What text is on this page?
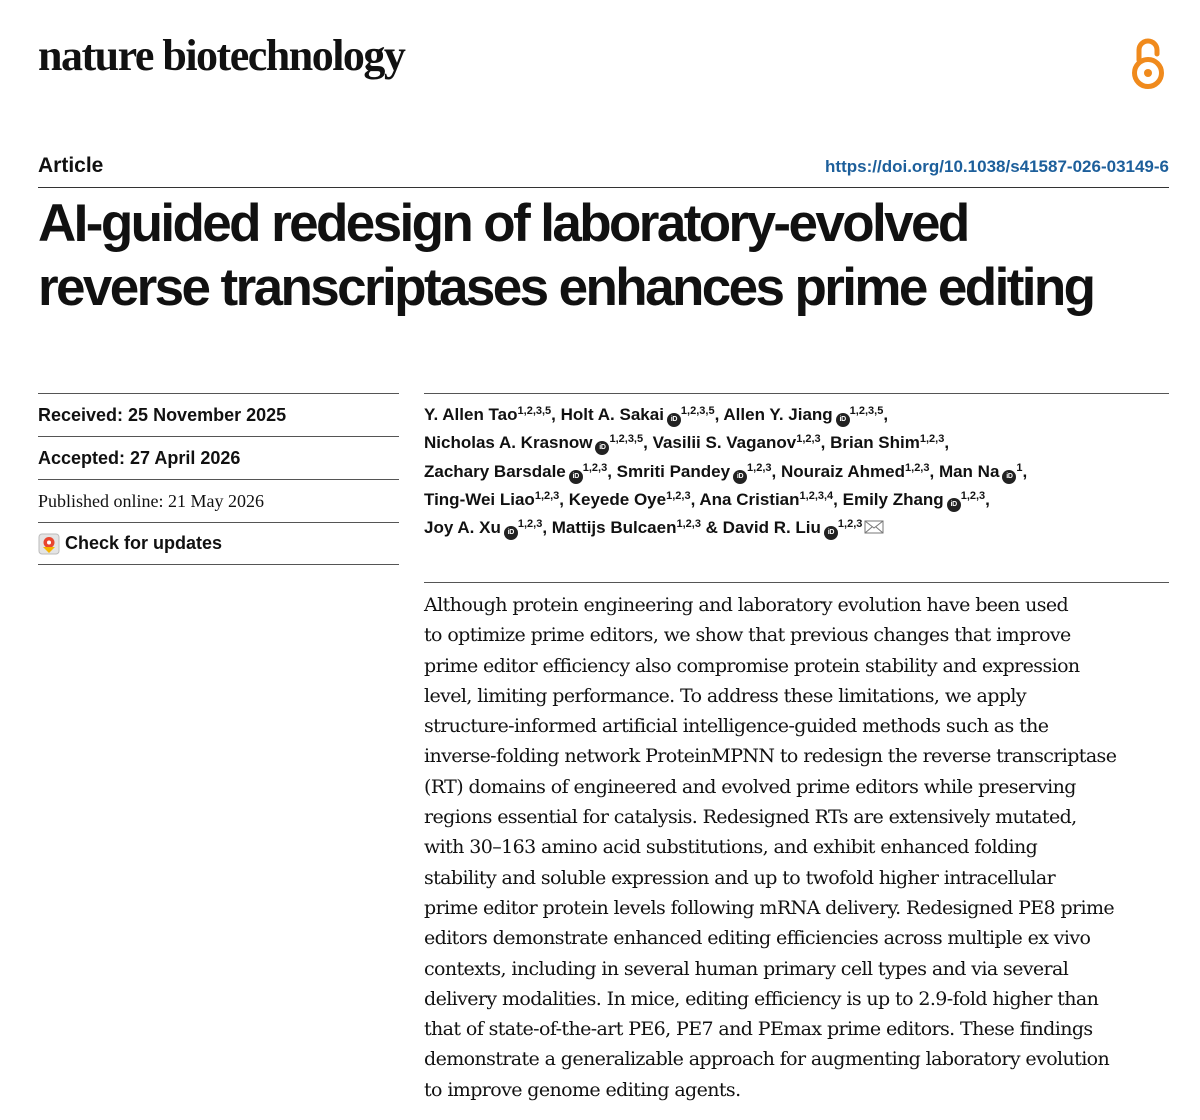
nature biotechnology
Article	https://doi.org/10.1038/s41587-026-03149-6
AI-guided redesign of laboratory-evolved
reverse transcriptases enhances prime editing
Received: 25 November 2025
Accepted: 27 April 2026
Published online: 21 May 2026
Check for updates
Y. Allen Tao$^{1,2,3,5}$, Holt A. Sakai iD$^{1,2,3,5}$, Allen Y. Jiang iD$^{1,2,3,5}$,
Nicholas A. Krasnow iD$^{1,2,3,5}$, Vasilii S. Vaganov$^{1,2,3}$, Brian Shim$^{1,2,3}$,
Zachary Barsdale iD$^{1,2,3}$, Smriti Pandey iD$^{1,2,3}$, Nouraiz Ahmed$^{1,2,3}$, Man Na $iD^1$,
Ting-Wei Liao$^{1,2,3}$, Keyede Oye$^{1,2,3}$, Ana Cristian$^{1,2,3,4}$, Emily Zhang iD$^{1,2,3}$,
Joy A. Xu iD$^{1,2,3}$, Mattijs Bulcaen$^{1,2,3}$ & David R. Liu iD$^{1,2,3}$
Although protein engineering and laboratory evolution have been used
to optimize prime editors, we show that previous changes that improve
prime editor efficiency also compromise protein stability and expression
level, limiting performance. To address these limitations, we apply
structure-informed artificial intelligence-guided methods such as the
inverse-folding network ProteinMPNN to redesign the reverse transcriptase
(RT) domains of engineered and evolved prime editors while preserving
regions essential for catalysis. Redesigned RTs are extensively mutated,
with 30–163 amino acid substitutions, and exhibit enhanced folding
stability and soluble expression and up to twofold higher intracellular
prime editor protein levels following mRNA delivery. Redesigned PE8 prime
editors demonstrate enhanced editing efficiencies across multiple ex vivo
contexts, including in several human primary cell types and via several
delivery modalities. In mice, editing efficiency is up to 2.9-fold higher than
that of state-of-the-art PE6, PE7 and PEmax prime editors. These findings
demonstrate a generalizable approach for augmenting laboratory evolution
to improve genome editing agents.
